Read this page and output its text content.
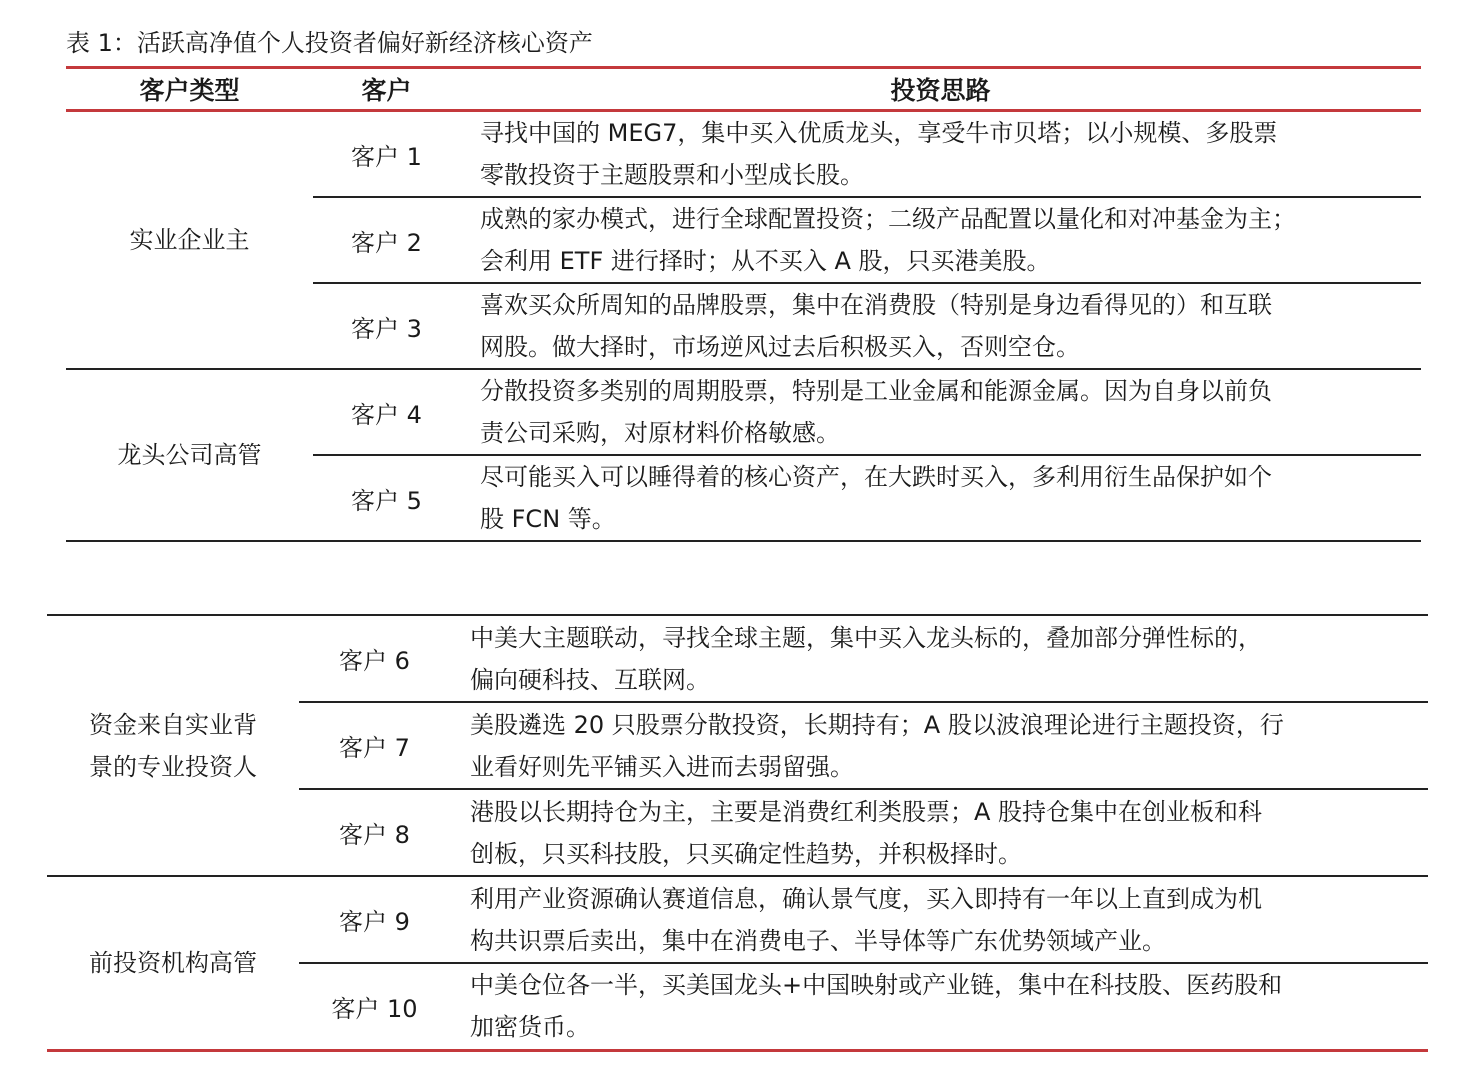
表 1：活跃高净值个人投资者偏好新经济核心资产
客户类型	客户	投资思路

实业企业主	客户 1	寻找中国的 MEG7，集中买入优质龙头，享受牛市贝塔；以小规模、多股票
零散投资于主题股票和小型成长股。

	客户 2	成熟的家办模式，进行全球配置投资；二级产品配置以量化和对冲基金为主；
会利用 ETF 进行择时；从不买入 A 股，只买港美股。

	客户 3	喜欢买众所周知的品牌股票，集中在消费股（特别是身边看得见的）和互联
网股。做大择时，市场逆风过去后积极买入，否则空仓。

龙头公司高管	客户 4	分散投资多类别的周期股票，特别是工业金属和能源金属。因为自身以前负
责公司采购，对原材料价格敏感。

	客户 5	尽可能买入可以睡得着的核心资产，在大跌时买入，多利用衍生品保护如个
股 FCN 等。
资金来自实业背
景的专业投资人	客户 6	中美大主题联动，寻找全球主题，集中买入龙头标的，叠加部分弹性标的，
偏向硬科技、互联网。

	客户 7	美股遴选 20 只股票分散投资，长期持有；A 股以波浪理论进行主题投资，行
业看好则先平铺买入进而去弱留强。

	客户 8	港股以长期持仓为主，主要是消费红利类股票；A 股持仓集中在创业板和科
创板，只买科技股，只买确定性趋势，并积极择时。

前投资机构高管	客户 9	利用产业资源确认赛道信息，确认景气度，买入即持有一年以上直到成为机
构共识票后卖出，集中在消费电子、半导体等广东优势领域产业。

	客户 10	中美仓位各一半，买美国龙头+中国映射或产业链，集中在科技股、医药股和
加密货币。
